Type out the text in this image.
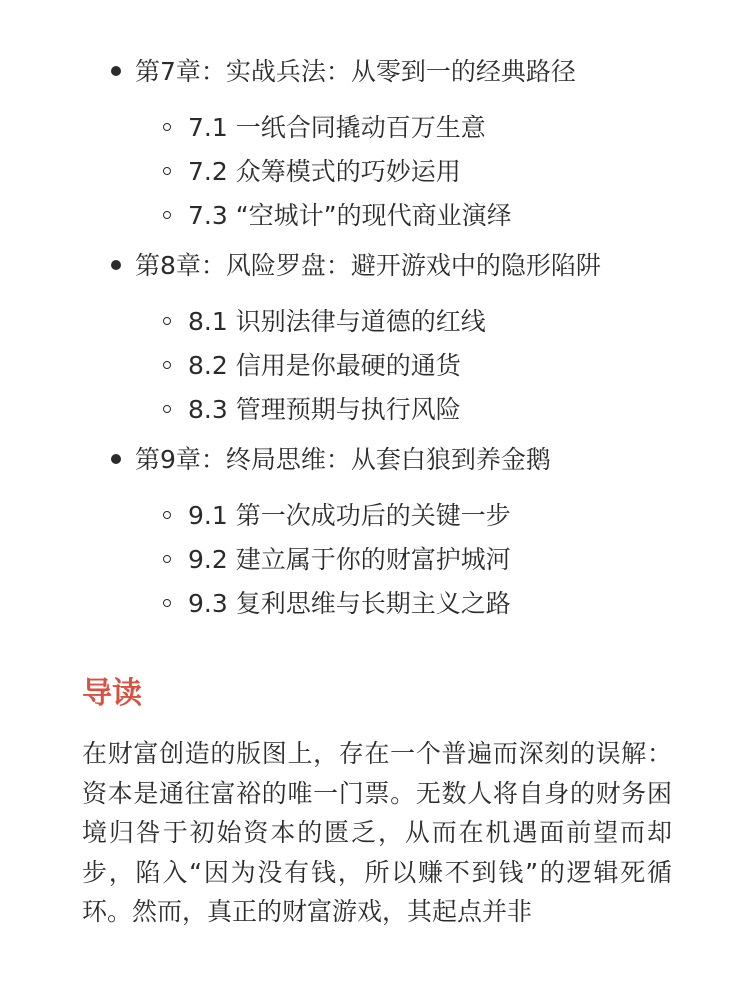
第7章：实战兵法：从零到一的经典路径
7.1 一纸合同撬动百万生意
7.2 众筹模式的巧妙运用
7.3 “空城计”的现代商业演绎
第8章：风险罗盘：避开游戏中的隐形陷阱
8.1 识别法律与道德的红线
8.2 信用是你最硬的通货
8.3 管理预期与执行风险
第9章：终局思维：从套白狼到养金鹅
9.1 第一次成功后的关键一步
9.2 建立属于你的财富护城河
9.3 复利思维与长期主义之路
导读

在财富创造的版图上，存在一个普遍而深刻的误解：资本是通往富裕的唯一门票。无数人将自身的财务困境归咎于初始资本的匮乏，从而在机遇面前望而却步，陷入“因为没有钱，所以赚不到钱”的逻辑死循环。然而，真正的财富游戏，其起点并非
